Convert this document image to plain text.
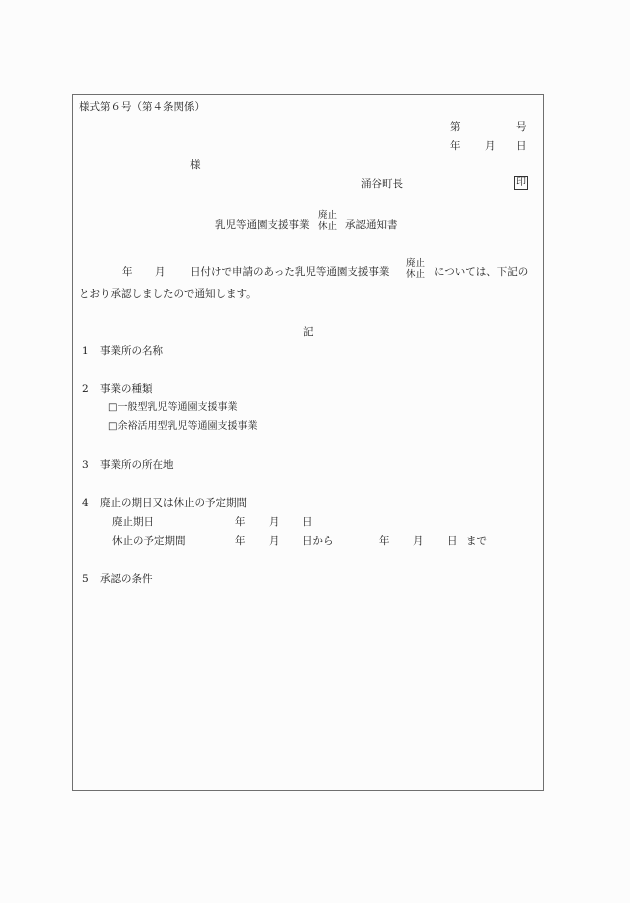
様式第６号（第４条関係）
第	号
年 月 日
様
涌谷町長	印
乳児等通園支援事業
廃止
休止 承認通知書
年 月 日付けで申請のあった乳児等通園支援事業
廃止
休止 については、下記の
とおり承認しましたので通知します。
記
1 事業所の名称
2 事業の種類
□一般型乳児等通園支援事業
□余裕活用型乳児等通園支援事業
3 事業所の所在地
4 廃止の期日又は休止の予定期間
廃止期日	年 月 日
休止の予定期間	年 月 日から	年 月 日 まで
5 承認の条件
